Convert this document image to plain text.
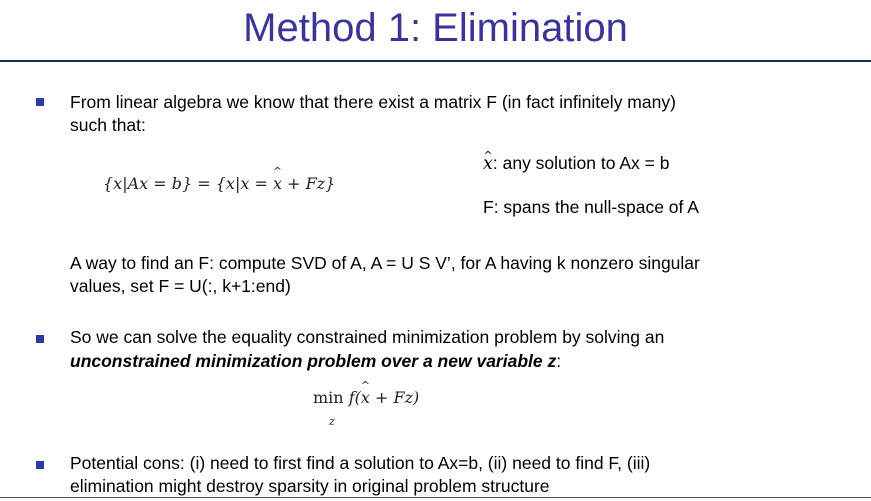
Method 1: Elimination
From linear algebra we know that there exist a matrix F (in fact infinitely many)
such that:
{x|Ax = b} = {x|x = ^ x + Fz}
^ x: any solution to Ax = b
F: spans the null-space of A
A way to find an F: compute SVD of A, A = U S V’, for A having k nonzero singular
values, set F = U(:, k+1:end)
So we can solve the equality constrained minimization problem by solving an
unconstrained minimization problem over a new variable z:
min f(^ x + Fz)
z
Potential cons: (i) need to first find a solution to Ax=b, (ii) need to find F, (iii)
elimination might destroy sparsity in original problem structure
